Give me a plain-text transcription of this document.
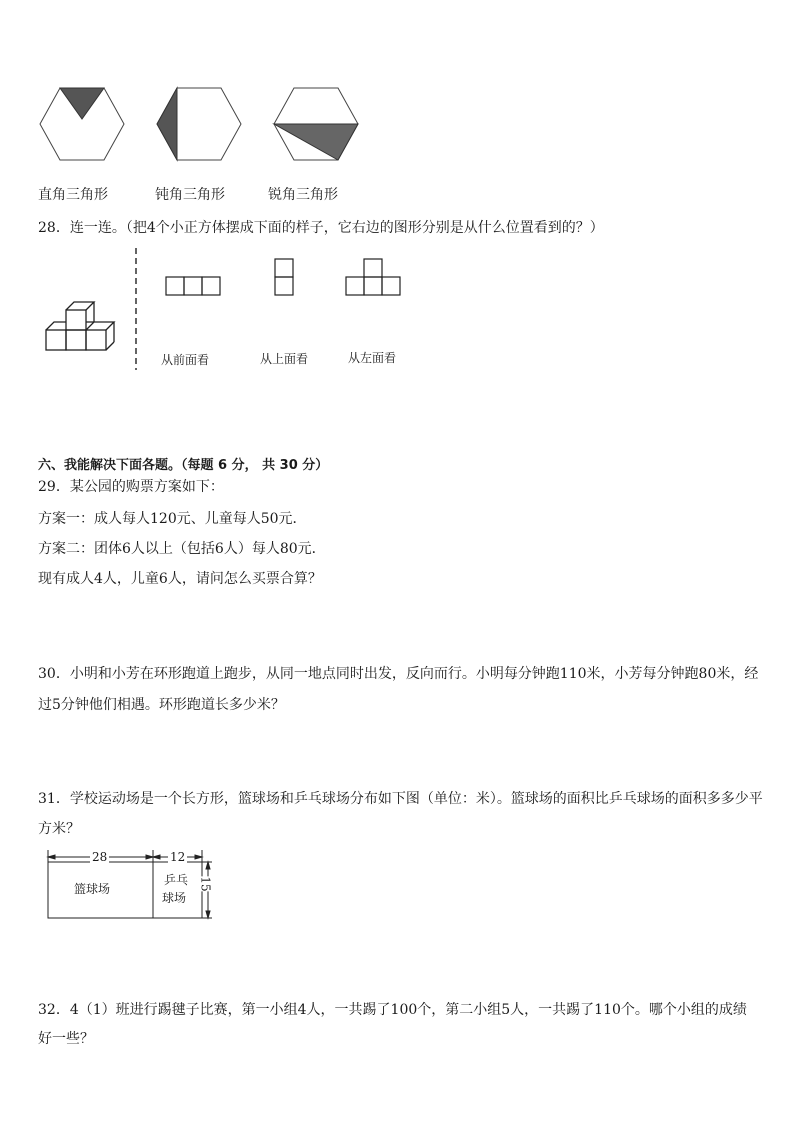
直角三角形	钝角三角形	锐角三角形
28．连一连。（把4个小正方体摆成下面的样子，它右边的图形分别是从什么位置看到的？）
从前面看	从上面看	从左面看
六、我能解决下面各题。（每题 6 分， 共 30 分）
29．某公园的购票方案如下：
方案一：成人每人120元、儿童每人50元．
方案二：团体6人以上（包括6人）每人80元．
现有成人4人，儿童6人，请问怎么买票合算？
30．小明和小芳在环形跑道上跑步，从同一地点同时出发，反向而行。小明每分钟跑110米，小芳每分钟跑80米，经
过5分钟他们相遇。环形跑道长多少米？
31．学校运动场是一个长方形，篮球场和乒乓球场分布如下图（单位：米）。篮球场的面积比乒乓球场的面积多多少平
方米？
28	12
15
篮球场
乒乓
球场
32．4（1）班进行踢毽子比赛，第一小组4人，一共踢了100个，第二小组5人，一共踢了110个。哪个小组的成绩
好一些？
